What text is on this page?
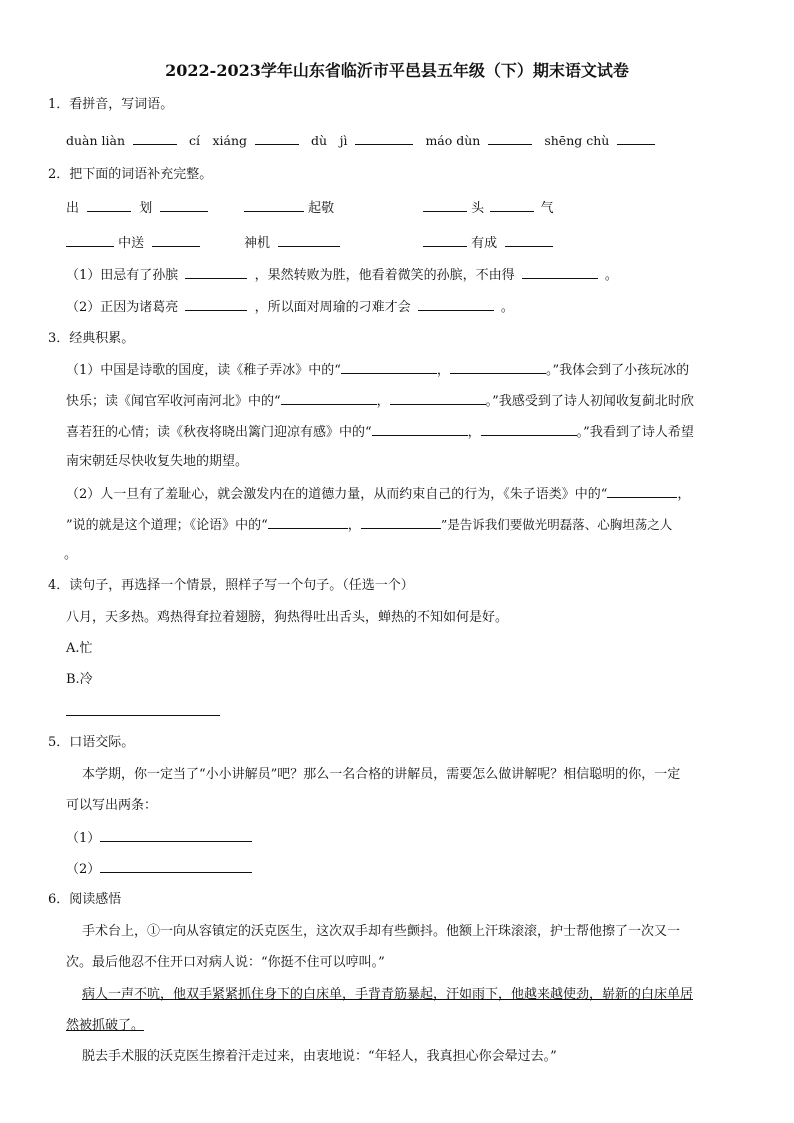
2022-2023学年山东省临沂市平邑县五年级（下）期末语文试卷
1．看拼音，写词语。
duàn liàn	cí　xiáng	dù　jì	máo dùn	shēng chù
2．把下面的词语补充完整。
出	划	起敬	头	气
中送	神机	有成
（1）田忌有了孙膑	，果然转败为胜，他看着微笑的孙膑，不由得	。
（2）正因为诸葛亮	，所以面对周瑜的刁难才会	。
3．经典积累。
（1）中国是诗歌的国度，读《稚子弄冰》中的“	，	。”我体会到了小孩玩冰的
快乐；读《闻官军收河南河北》中的“	，	。”我感受到了诗人初闻收复蓟北时欣
喜若狂的心情；读《秋夜将晓出篱门迎凉有感》中的“	，	。”我看到了诗人希望
南宋朝廷尽快收复失地的期望。
（2）人一旦有了羞耻心，就会激发内在的道德力量，从而约束自己的行为，《朱子语类》中的“	，
”说的就是这个道理；《论语》中的“	，	”是告诉我们要做光明磊落、心胸坦荡之人
。
4．读句子，再选择一个情景，照样子写一个句子。（任选一个）
八月，天多热。鸡热得耷拉着翅膀，狗热得吐出舌头，蝉热的不知如何是好。
A.忙
B.冷
5．口语交际。
本学期，你一定当了“小小讲解员”吧？那么一名合格的讲解员，需要怎么做讲解呢？相信聪明的你，一定
可以写出两条：
（1）
（2）
6．阅读感悟
手术台上，①一向从容镇定的沃克医生，这次双手却有些颤抖。他额上汗珠滚滚，护士帮他擦了一次又一
次。最后他忍不住开口对病人说：“你挺不住可以哼叫。”
病人一声不吭，他双手紧紧抓住身下的白床单，手背青筋暴起，汗如雨下，他越来越使劲，崭新的白床单居
然被抓破了。
脱去手术服的沃克医生擦着汗走过来，由衷地说：“年轻人，我真担心你会晕过去。”
